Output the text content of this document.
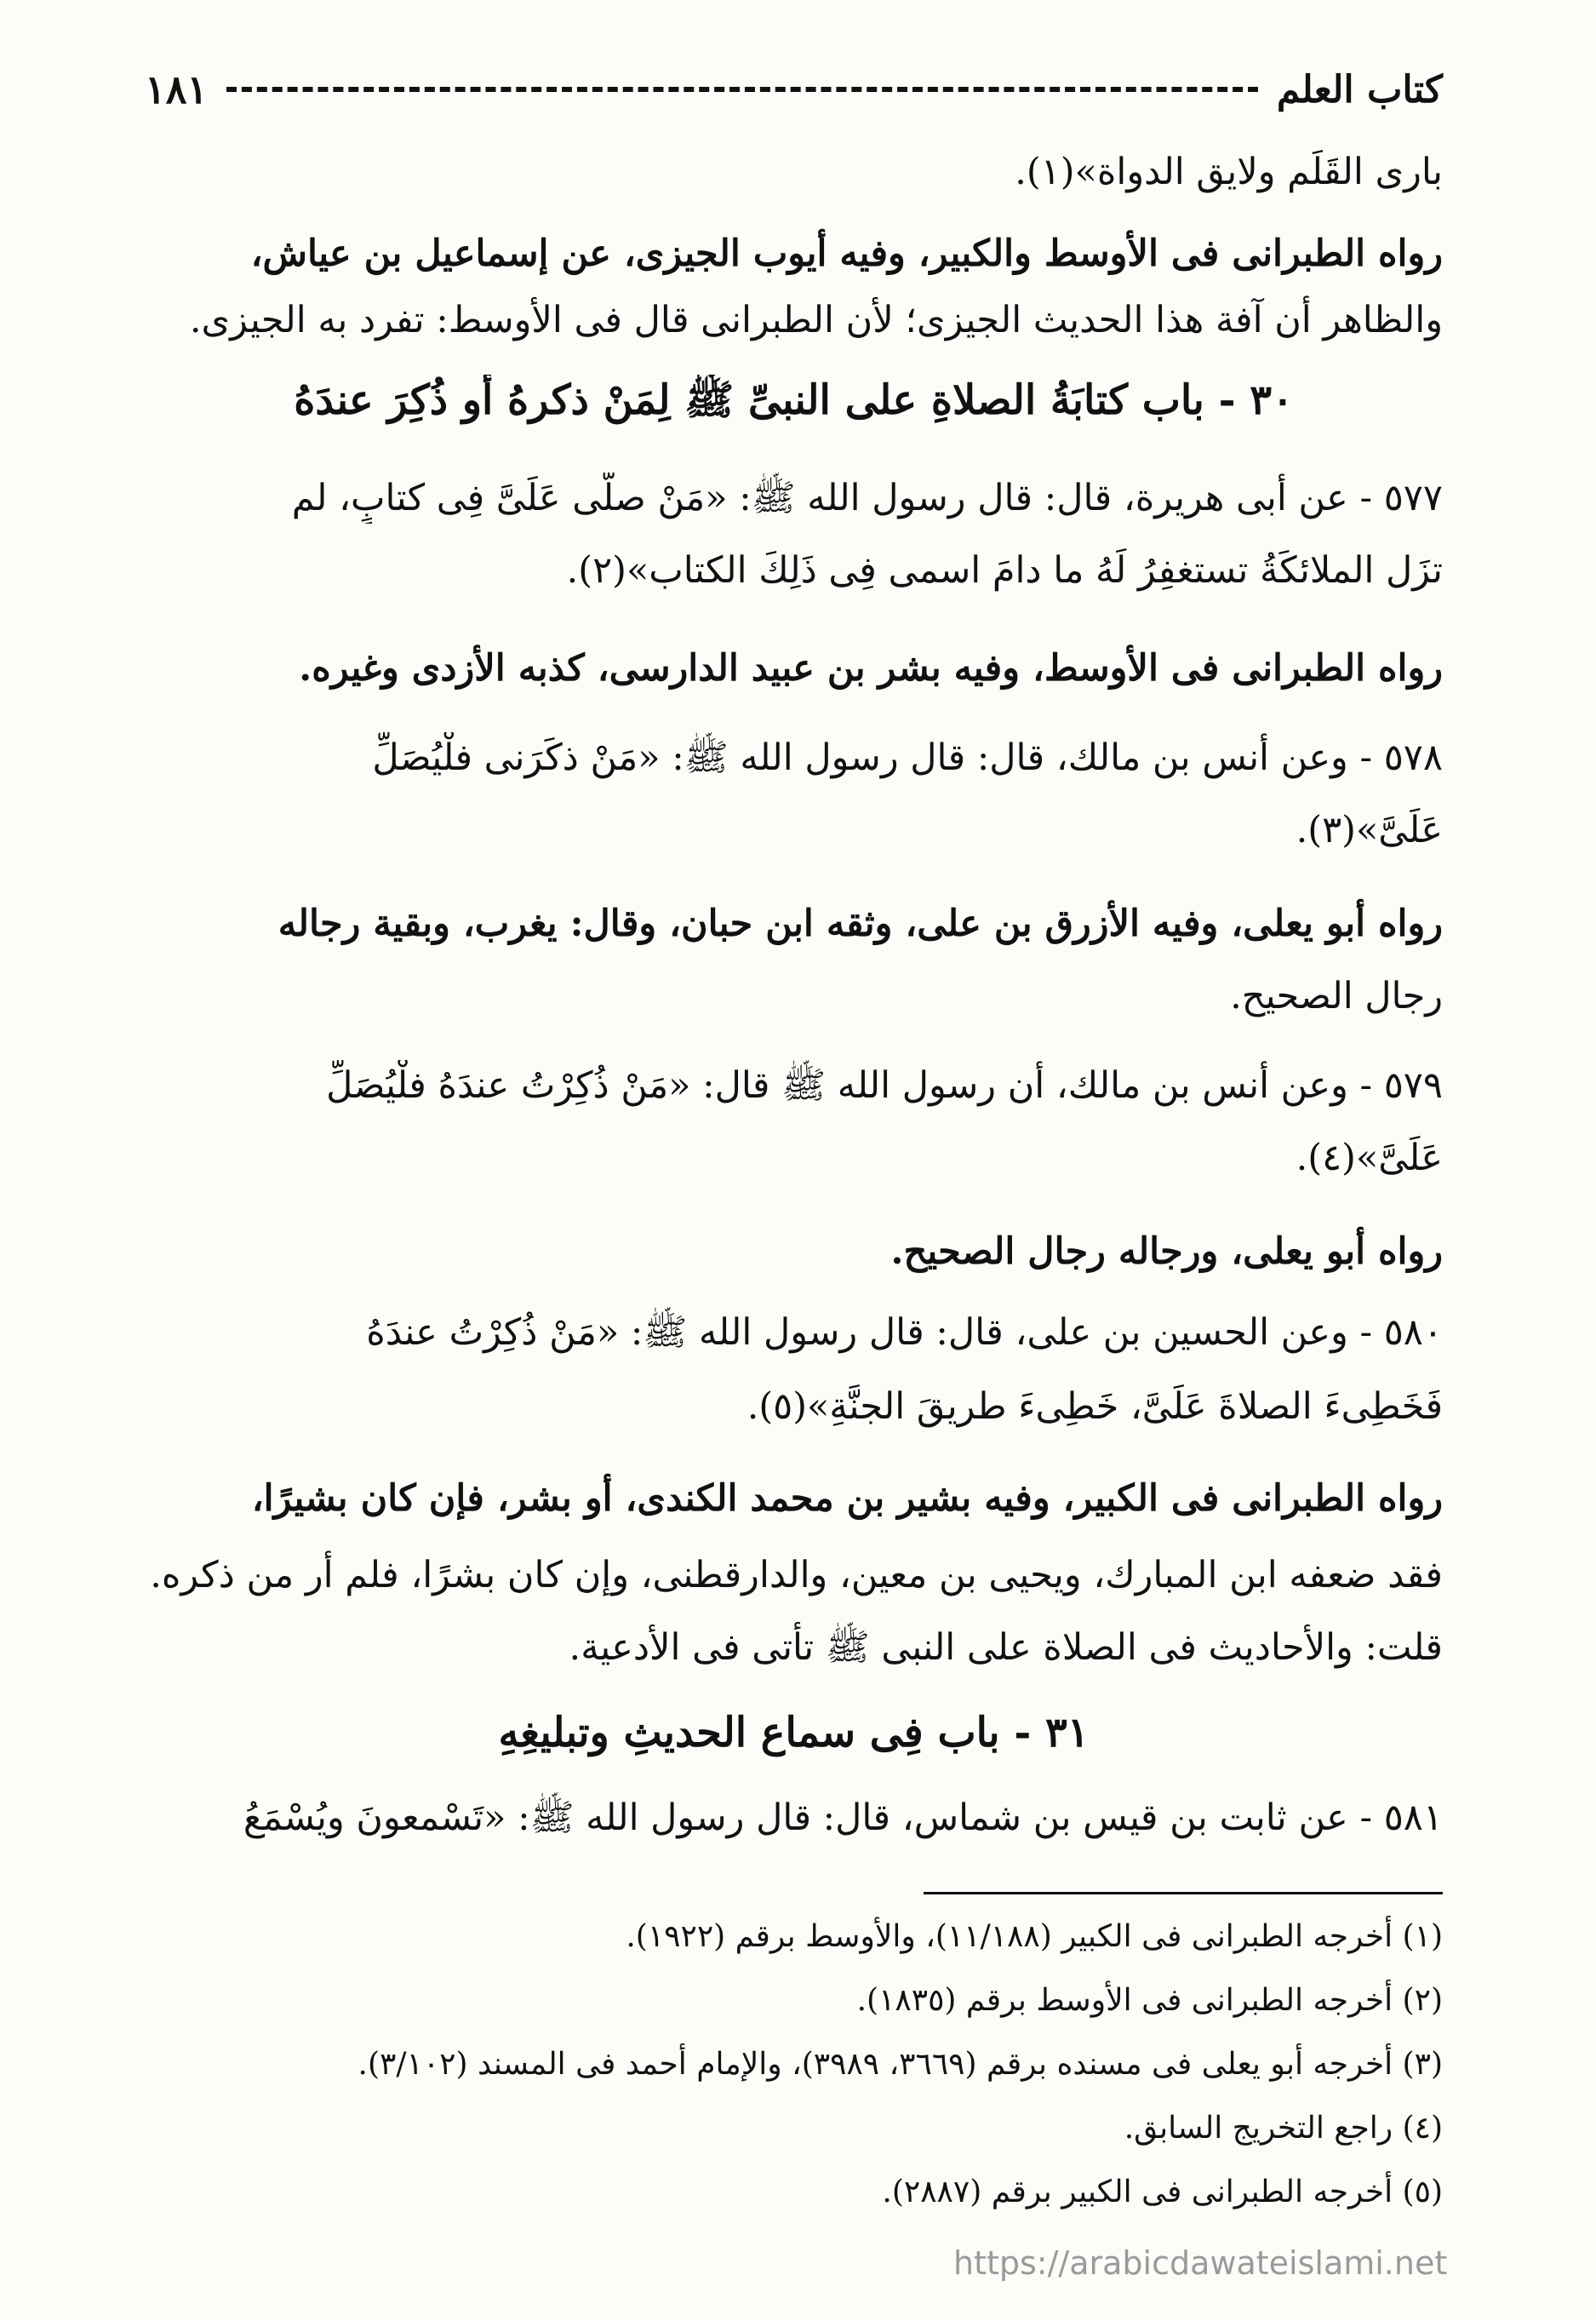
كتاب العلم
١٨١
بارى القَلَم ولايق الدواة»(١).
رواه الطبرانى فى الأوسط والكبير، وفيه أيوب الجيزى، عن إسماعيل بن عياش،
والظاهر أن آفة هذا الحديث الجيزى؛ لأن الطبرانى قال فى الأوسط: تفرد به الجيزى.
٣٠ - باب كتابَةُ الصلاةِ على النبىِّ ﷺ لِمَنْ ذكرهُ أو ذُكِرَ عندَهُ
٥٧٧ - عن أبى هريرة، قال: قال رسول الله ﷺ: «مَنْ صلَّى عَلَىَّ فِى كتابٍ، لم
تزَل الملائكَةُ تستغفِرُ لَهُ ما دامَ اسمى فِى ذَلِكَ الكتاب»(٢).
رواه الطبرانى فى الأوسط، وفيه بشر بن عبيد الدارسى، كذبه الأزدى وغيره.
٥٧٨ - وعن أنس بن مالك، قال: قال رسول الله ﷺ: «مَنْ ذكَرَنى فلْيُصَلِّ
عَلَىَّ»(٣).
رواه أبو يعلى، وفيه الأزرق بن على، وثقه ابن حبان، وقال: يغرب، وبقية رجاله
رجال الصحيح.
٥٧٩ - وعن أنس بن مالك، أن رسول الله ﷺ قال: «مَنْ ذُكِرْتُ عندَهُ فلْيُصَلِّ
عَلَىَّ»(٤).
رواه أبو يعلى، ورجاله رجال الصحيح.
٥٨٠ - وعن الحسين بن على، قال: قال رسول الله ﷺ: «مَنْ ذُكِرْتُ عندَهُ
فَخَطِىءَ الصلاةَ عَلَىَّ، خَطِىءَ طريقَ الجنَّةِ»(٥).
رواه الطبرانى فى الكبير، وفيه بشير بن محمد الكندى، أو بشر، فإن كان بشيرًا،
فقد ضعفه ابن المبارك، ويحيى بن معين، والدارقطنى، وإن كان بشرًا، فلم أر من ذكره.
قلت: والأحاديث فى الصلاة على النبى ﷺ تأتى فى الأدعية.
٣١ - باب فِى سماعِ الحديثِ وتبليغِهِ
٥٨١ - عن ثابت بن قيس بن شماس، قال: قال رسول الله ﷺ: «تَسْمعونَ ويُسْمَعُ
(١) أخرجه الطبرانى فى الكبير (١١/١٨٨)، والأوسط برقم (١٩٢٢).
(٢) أخرجه الطبرانى فى الأوسط برقم (١٨٣٥).
(٣) أخرجه أبو يعلى فى مسنده برقم (٣٦٦٩، ٣٩٨٩)، والإمام أحمد فى المسند (٣/١٠٢).
(٤) راجع التخريج السابق.
(٥) أخرجه الطبرانى فى الكبير برقم (٢٨٨٧).
https://arabicdawateislami.net
